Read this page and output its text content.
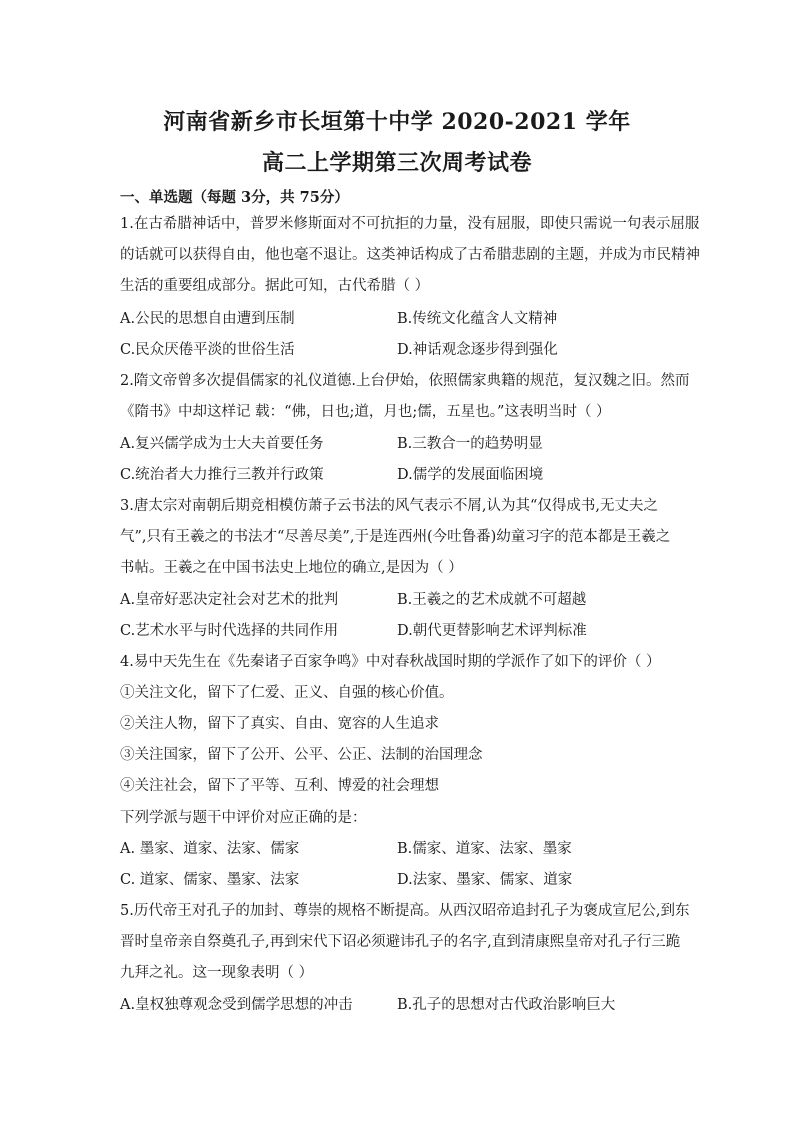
河南省新乡市长垣第十中学 2020-2021 学年
高二上学期第三次周考试卷
一、单选题（每题 3分，共 75分）
1.在古希腊神话中，普罗米修斯面对不可抗拒的力量，没有屈服，即使只需说一句表示屈服
的话就可以获得自由，他也毫不退让。这类神话构成了古希腊悲剧的主题，并成为市民精神
生活的重要组成部分。据此可知，古代希腊（ ）
A.公民的思想自由遭到压制	B.传统文化蕴含人文精神
C.民众厌倦平淡的世俗生活	D.神话观念逐步得到强化
2.隋文帝曾多次提倡儒家的礼仪道德.上台伊始，依照儒家典籍的规范，复汉魏之旧。然而
《隋书》中却这样记 载：“佛，日也;道，月也;儒，五星也。”这表明当时（ ）
A.复兴儒学成为士大夫首要任务	B.三教合一的趋势明显
C.统治者大力推行三教并行政策	D.儒学的发展面临困境
3.唐太宗对南朝后期竞相模仿萧子云书法的风气表示不屑,认为其“仅得成书,无丈夫之
气”,只有王羲之的书法才“尽善尽美”,于是连西州(今吐鲁番)幼童习字的范本都是王羲之
书帖。王羲之在中国书法史上地位的确立,是因为（ ）
A.皇帝好恶决定社会对艺术的批判	B.王羲之的艺术成就不可超越
C.艺术水平与时代选择的共同作用	D.朝代更替影响艺术评判标准
4.易中天先生在《先秦诸子百家争鸣》中对春秋战国时期的学派作了如下的评价（ ）
①关注文化，留下了仁爱、正义、自强的核心价值。
②关注人物，留下了真实、自由、宽容的人生追求
③关注国家，留下了公开、公平、公正、法制的治国理念
④关注社会，留下了平等、互利、博爱的社会理想
下列学派与题干中评价对应正确的是：
A. 墨家、道家、法家、儒家	B.儒家、道家、法家、墨家
C. 道家、儒家、墨家、法家	D.法家、墨家、儒家、道家
5.历代帝王对孔子的加封、尊崇的规格不断提高。从西汉昭帝追封孔子为褒成宣尼公,到东
晋时皇帝亲自祭奠孔子,再到宋代下诏必须避讳孔子的名字,直到清康熙皇帝对孔子行三跪
九拜之礼。这一现象表明（ ）
A.皇权独尊观念受到儒学思想的冲击	B.孔子的思想对古代政治影响巨大
